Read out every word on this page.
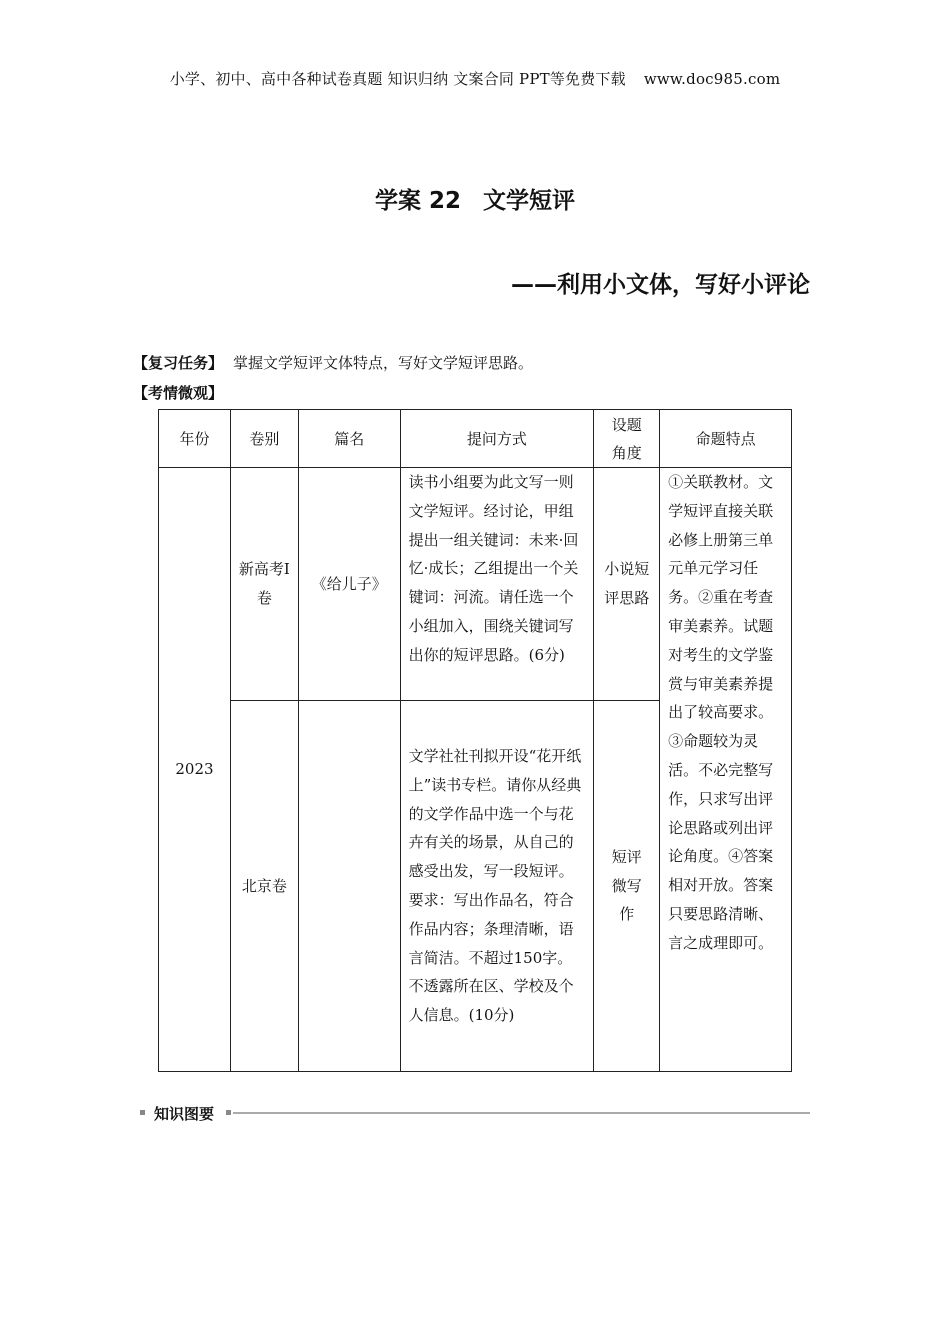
小学、初中、高中各种试卷真题 知识归纳 文案合同 PPT等免费下载 www.doc985.com
学案 22 文学短评
——利用小文体，写好小评论
【复习任务】 掌握文学短评文体特点，写好文学短评思路。
【考情微观】
年份	卷别	篇名	提问方式	设题角度	命题特点
2023	新高考Ⅰ卷	《给儿子》	读书小组要为此文写一则文学短评。经讨论，甲组提出一组关键词：未来·回忆·成长；乙组提出一个关键词：河流。请任选一个小组加入，围绕关键词写出你的短评思路。(6分)	小说短评思路	①关联教材。文学短评直接关联必修上册第三单元单元学习任务。②重在考查审美素养。试题对考生的文学鉴赏与审美素养提出了较高要求。③命题较为灵活。不必完整写作，只求写出评论思路或列出评论角度。④答案相对开放。答案只要思路清晰、言之成理即可。
	北京卷		文学社社刊拟开设“花开纸上”读书专栏。请你从经典的文学作品中选一个与花卉有关的场景，从自己的感受出发，写一段短评。要求：写出作品名，符合作品内容；条理清晰，语言简洁。不超过150字。不透露所在区、学校及个人信息。(10分)	短评微写作	
知识图要
